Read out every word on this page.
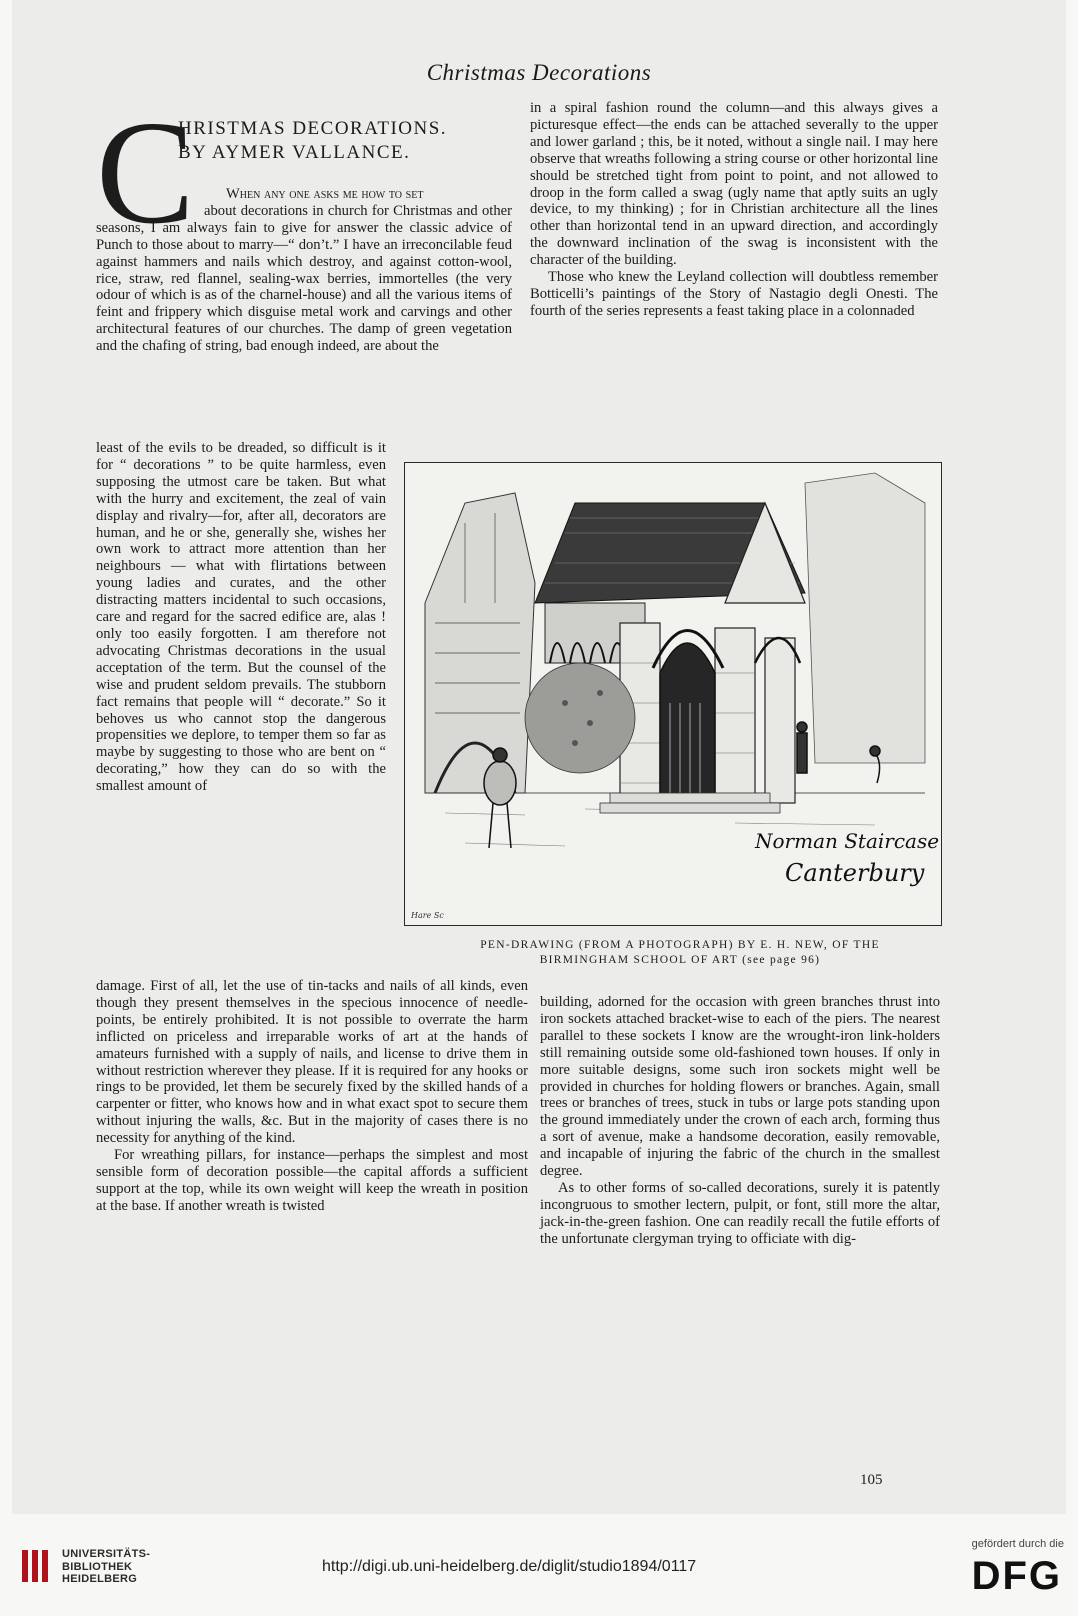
Christmas Decorations
C
HRISTMAS DECORATIONS.
BY AYMER VALLANCE.

When any one asks me how to set

about decorations in church for Christmas and other seasons, I am always fain to give for answer the classic advice of Punch to those about to marry—“ don’t.” I have an irreconcilable feud against hammers and nails which destroy, and against cotton-wool, rice, straw, red flannel, sealing-wax berries, immortelles (the very odour of which is as of the charnel-house) and all the various items of feint and frippery which disguise metal work and carvings and other architectural features of our churches. The damp of green vegetation and the chafing of string, bad enough indeed, are about the

least of the evils to be dreaded, so difficult is it for “ decorations ” to be quite harmless, even supposing the utmost care be taken. But what with the hurry and excitement, the zeal of vain display and rivalry—for, after all, decorators are human, and he or she, generally she, wishes her own work to attract more attention than her neighbours — what with flirtations between young ladies and curates, and the other distracting matters incidental to such occasions, care and regard for the sacred edifice are, alas ! only too easily forgotten. I am therefore not advocating Christmas decorations in the usual acceptation of the term. But the counsel of the wise and prudent seldom prevails. The stubborn fact remains that people will “ decorate.” So it behoves us who cannot stop the dangerous propensities we deplore, to temper them so far as maybe by suggesting to those who are bent on “ decorating,” how they can do so with the smallest amount of

Norman Staircase
Canterbury
Hare Sc
PEN-DRAWING (FROM A PHOTOGRAPH) BY E. H. NEW, OF THE
BIRMINGHAM SCHOOL OF ART (see page 96)

damage. First of all, let the use of tin-tacks and nails of all kinds, even though they present themselves in the specious innocence of needle-points, be entirely prohibited. It is not possible to overrate the harm inflicted on priceless and irreparable works of art at the hands of amateurs furnished with a supply of nails, and license to drive them in without restriction wherever they please. If it is required for any hooks or rings to be provided, let them be securely fixed by the skilled hands of a carpenter or fitter, who knows how and in what exact spot to secure them without injuring the walls, &c. But in the majority of cases there is no necessity for anything of the kind.

For wreathing pillars, for instance—perhaps the simplest and most sensible form of decoration possible—the capital affords a sufficient support at the top, while its own weight will keep the wreath in position at the base. If another wreath is twisted

in a spiral fashion round the column—and this always gives a picturesque effect—the ends can be attached severally to the upper and lower garland ; this, be it noted, without a single nail. I may here observe that wreaths following a string course or other horizontal line should be stretched tight from point to point, and not allowed to droop in the form called a swag (ugly name that aptly suits an ugly device, to my thinking) ; for in Christian architecture all the lines other than horizontal tend in an upward direction, and accordingly the downward inclination of the swag is inconsistent with the character of the building.

Those who knew the Leyland collection will doubtless remember Botticelli’s paintings of the Story of Nastagio degli Onesti. The fourth of the series represents a feast taking place in a colonnaded

building, adorned for the occasion with green branches thrust into iron sockets attached bracket-wise to each of the piers. The nearest parallel to these sockets I know are the wrought-iron link-holders still remaining outside some old-fashioned town houses. If only in more suitable designs, some such iron sockets might well be provided in churches for holding flowers or branches. Again, small trees or branches of trees, stuck in tubs or large pots standing upon the ground immediately under the crown of each arch, forming thus a sort of avenue, make a handsome decoration, easily removable, and incapable of injuring the fabric of the church in the smallest degree.

As to other forms of so-called decorations, surely it is patently incongruous to smother lectern, pulpit, or font, still more the altar, jack-in-the-green fashion. One can readily recall the futile efforts of the unfortunate clergyman trying to officiate with dig-

105
UNIVERSITÄTS-
BIBLIOTHEK
HEIDELBERG
http://digi.ub.uni-heidelberg.de/diglit/studio1894/0117
gefördert durch die
DFG
